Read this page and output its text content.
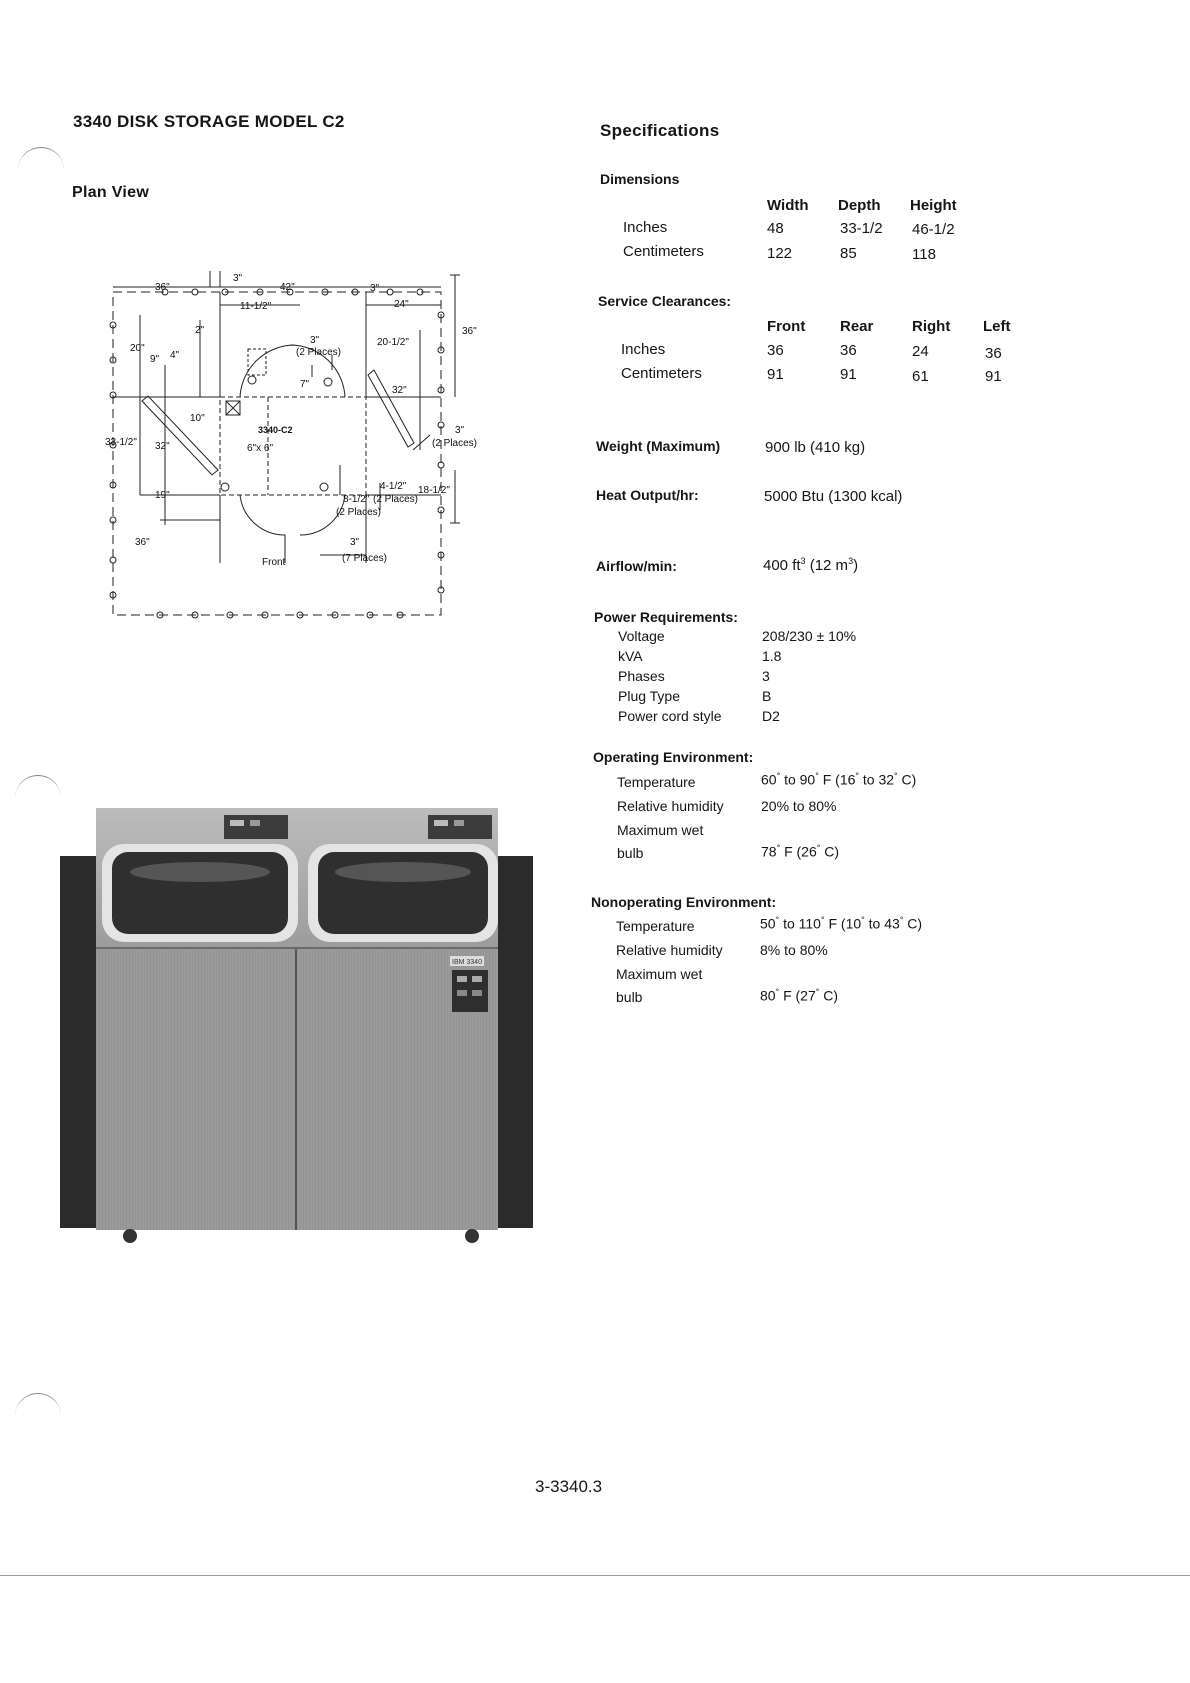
3340 DISK STORAGE MODEL C2
Plan View
3"
36"	42"	3"
24"
11-1/2"
36"
2"
3"
(2 Places)
20-1/2"
20"
9" 4"
7"
32"
10"
3340-C2	3"
(2 Places)
33-1/2" 32"	6"x 6"
4-1/2" 18-1/2"
8-1/2" (2 Places)
(2 Places)
19"
36"	3"
(7 Places)
Front
IBM 3340
Specifications
Dimensions
Width Depth Height
Inches	48	33-1/2 46-1/2
Centimeters	122	85	118
Service Clearances:
Front Rear	Right Left
Inches	36	36	24	36
Centimeters	91	91	61	91
Weight (Maximum)	900 lb (410 kg)
Heat Output/hr:	5000 Btu (1300 kcal)
Airflow/min:	400 $ft^3$ (12 $m^3$)
Power Requirements:
Voltage	208/230 ± 10%
kVA	1.8
Phases	3
Plug Type	B
Power cord style	D2
Operating Environment:
Temperature	60° to 90° F (16° to 32° C)
Relative humidity	20% to 80%
Maximum wet
bulb	78° F (26° C)
Nonoperating Environment:
Temperature	50° to 110° F (10° to 43° C)
Relative humidity	8% to 80%
Maximum wet
bulb	80° F (27° C)
3-3340.3
